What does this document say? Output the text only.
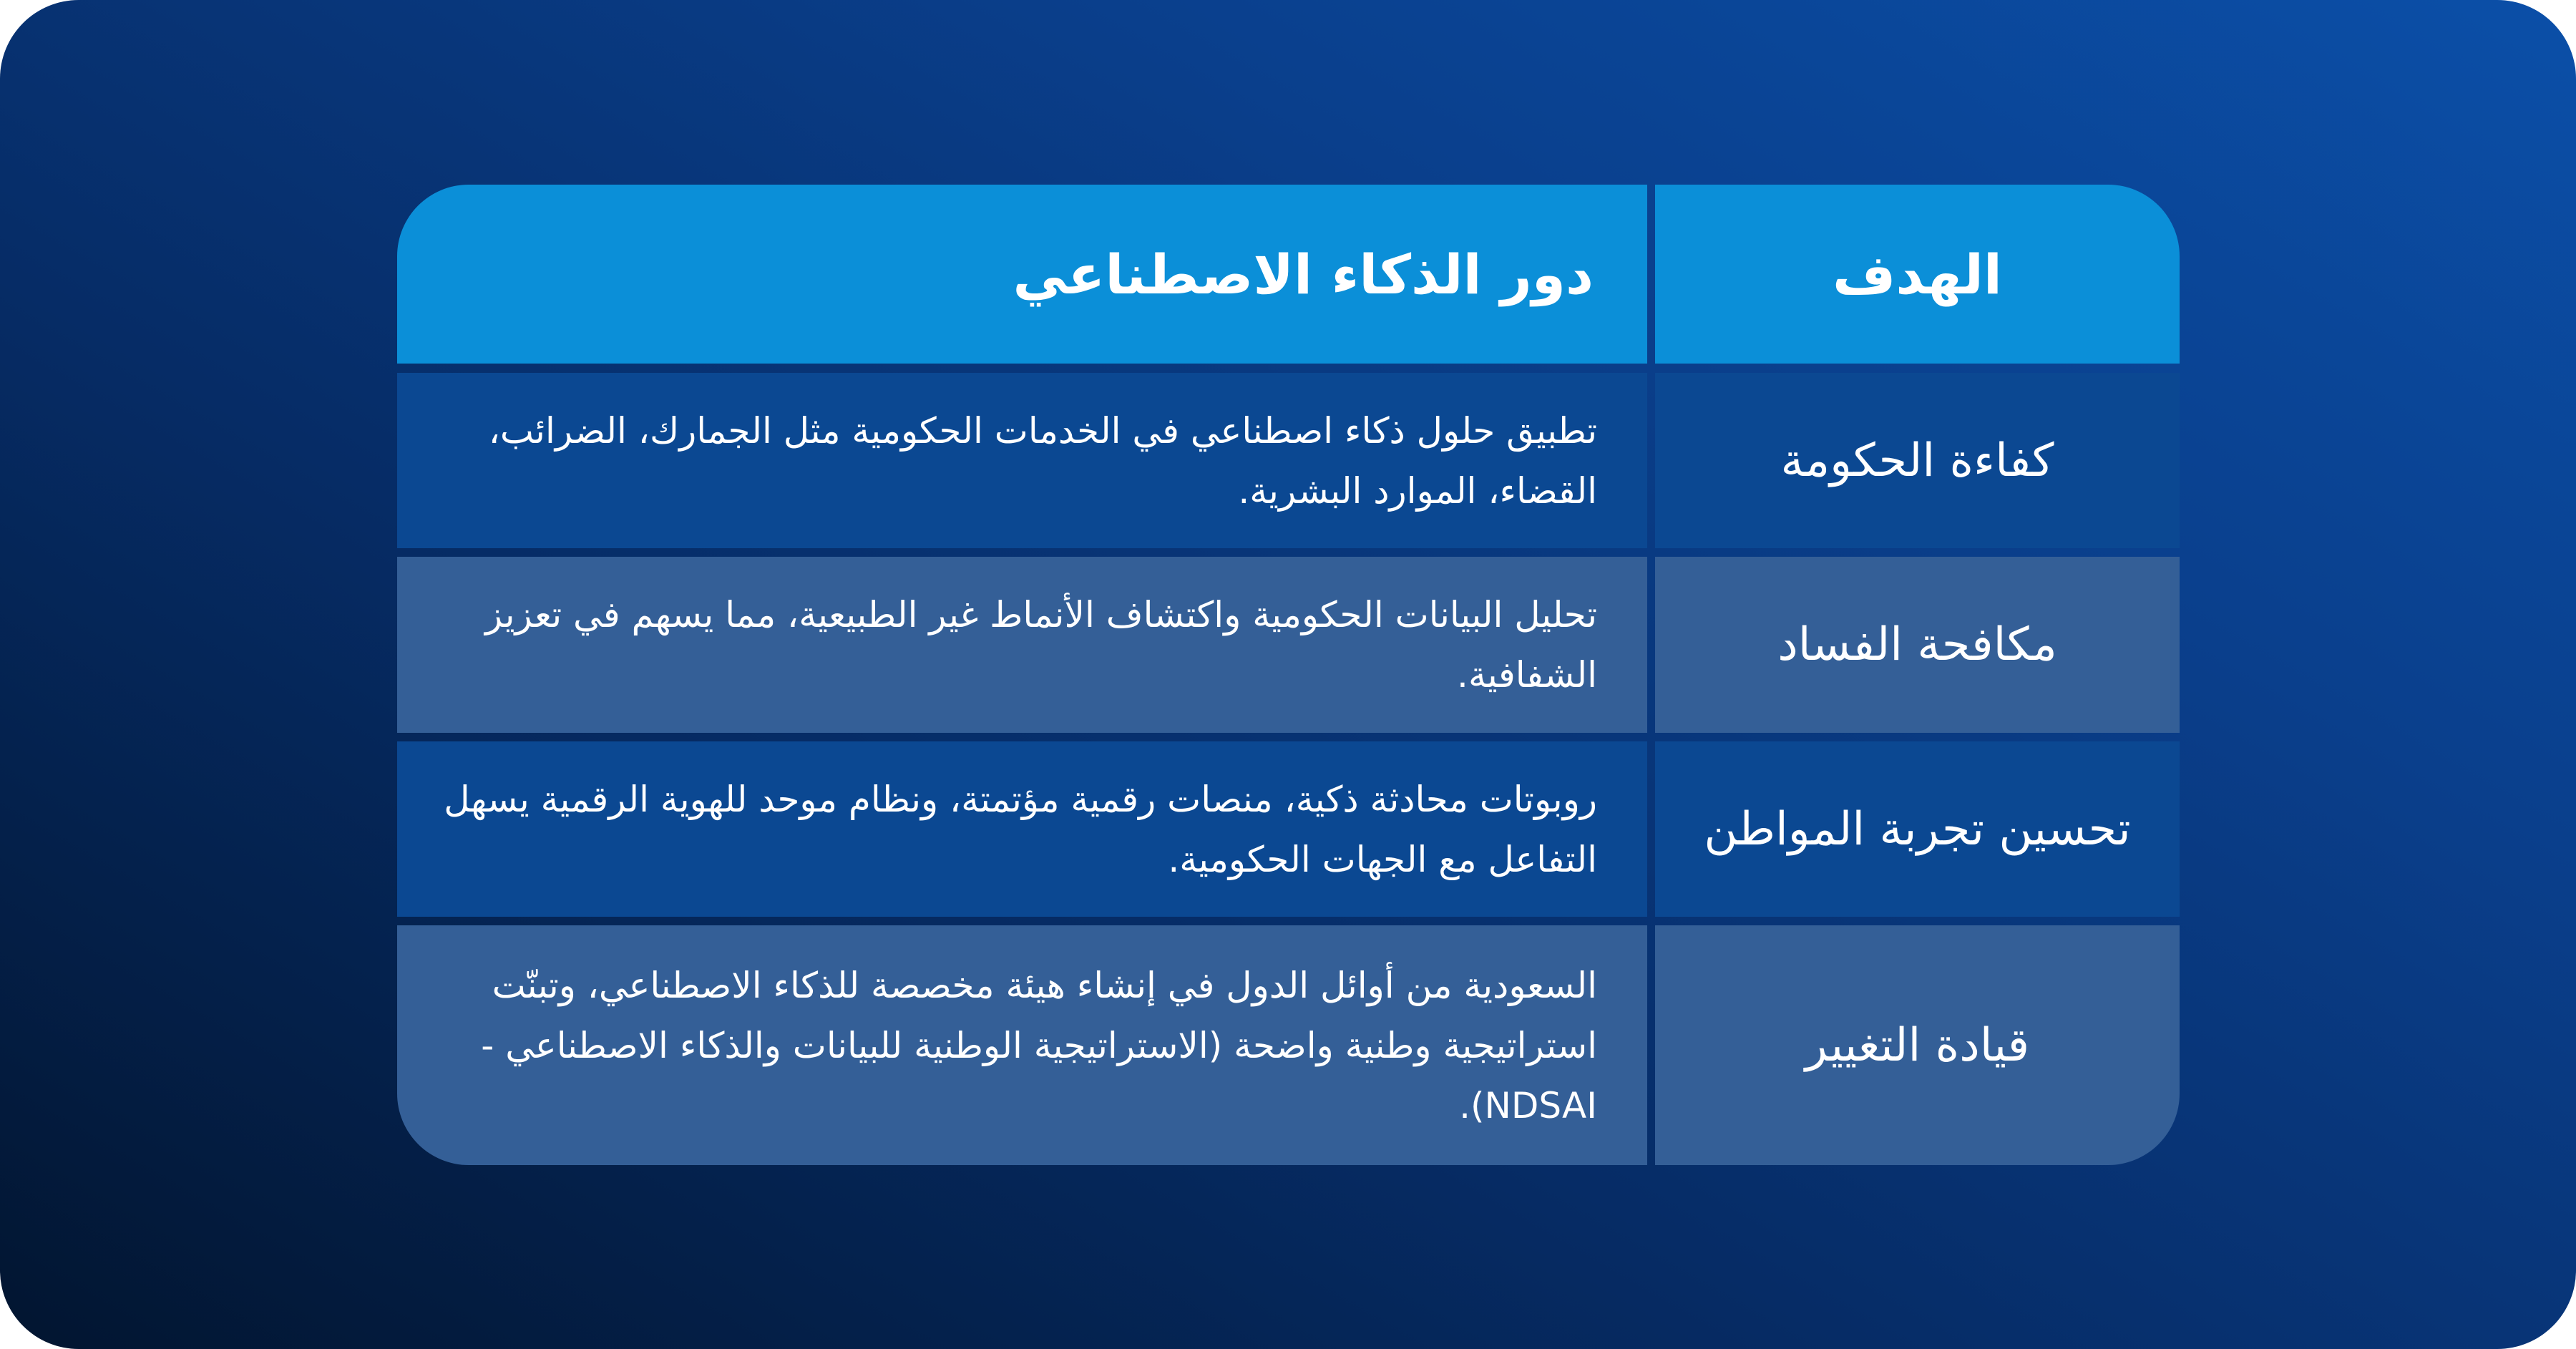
الهدف
دور الذكاء الاصطناعي
كفاءة الحكومة
تطبيق حلول ذكاء اصطناعي في الخدمات الحكومية مثل الجمارك، الضرائب، القضاء، الموارد البشرية.
مكافحة الفساد
تحليل البيانات الحكومية واكتشاف الأنماط غير الطبيعية، مما يسهم في تعزيز الشفافية.
تحسين تجربة المواطن
روبوتات محادثة ذكية، منصات رقمية مؤتمتة، ونظام موحد للهوية الرقمية يسهل التفاعل مع الجهات الحكومية.
قيادة التغيير
السعودية من أوائل الدول في إنشاء هيئة مخصصة للذكاء الاصطناعي، وتبنّت استراتيجية وطنية واضحة (الاستراتيجية الوطنية للبيانات والذكاء الاصطناعي - NDSAI).
